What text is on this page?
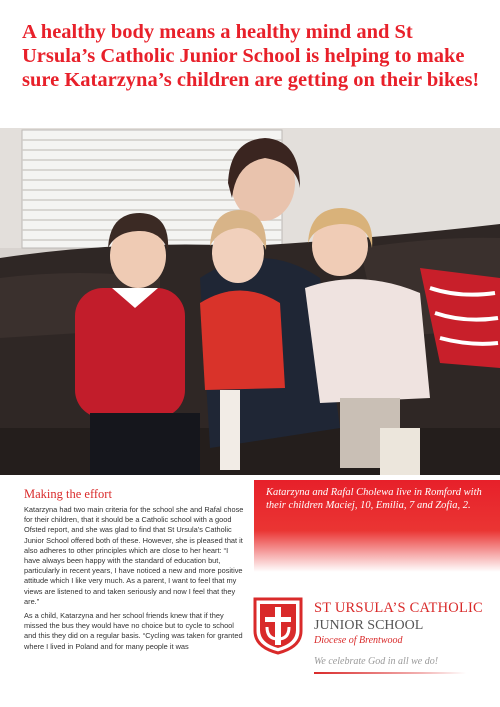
A healthy body means a healthy mind and St Ursula’s Catholic Junior School is helping to make sure Katarzyna’s children are getting on their bikes!
Making the effort

Katarzyna had two main criteria for the school she and Rafal chose for their children, that it should be a Catholic school with a good Ofsted report, and she was glad to find that St Ursula’s Catholic Junior School offered both of these. However, she is pleased that it also adheres to other principles which are close to her heart: “I have always been happy with the standard of education but, particularly in recent years, I have noticed a new and more positive attitude which I like very much. As a parent, I want to feel that my views are listened to and taken seriously and now I feel that they are.”

As a child, Katarzyna and her school friends knew that if they missed the bus they would have no choice but to cycle to school and this they did on a regular basis. “Cycling was taken for granted where I lived in Poland and for many people it was

Katarzyna and Rafal Cholewa live in Romford with their children Maciej, 10, Emilia, 7 and Zofia, 2.
ST URSULA’S CATHOLIC
JUNIOR SCHOOL
Diocese of Brentwood
We celebrate God in all we do!
